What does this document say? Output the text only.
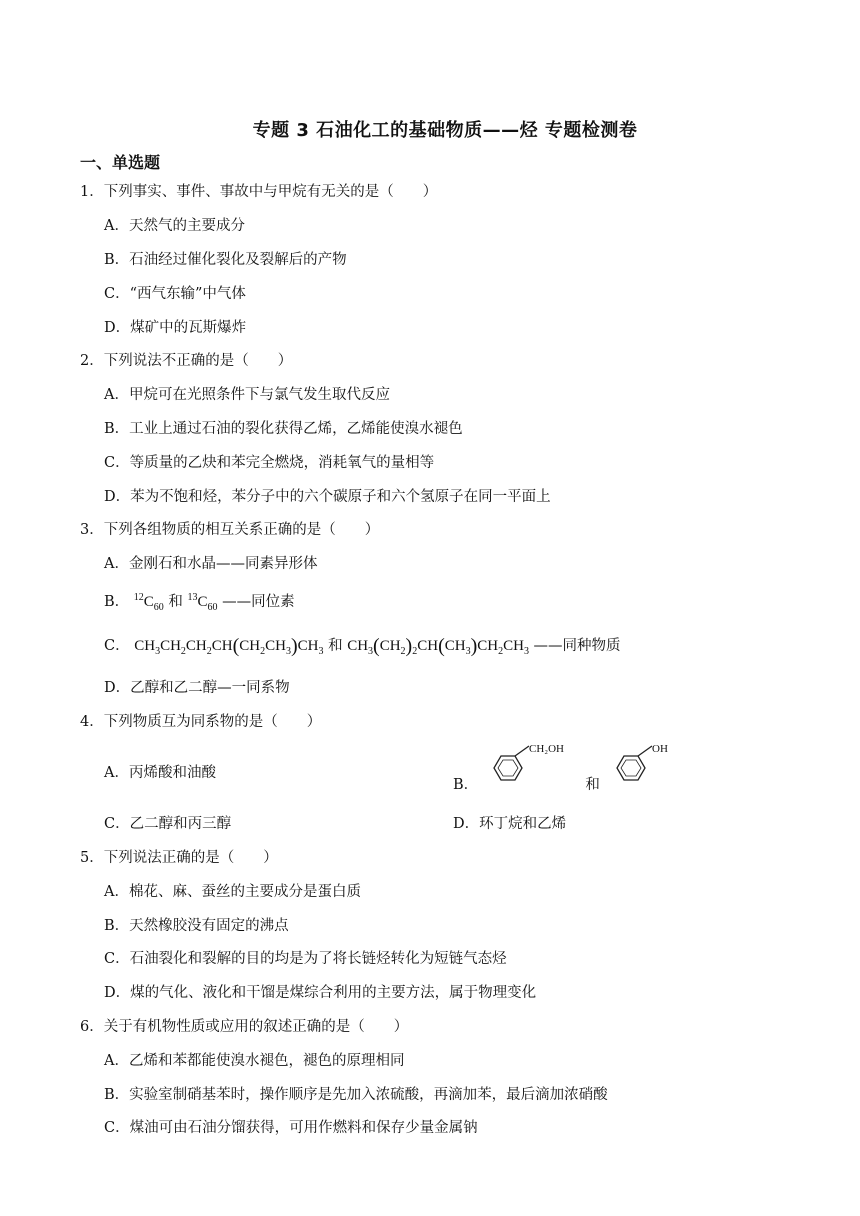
专题 3 石油化工的基础物质——烃 专题检测卷
一、单选题
1．下列事实、事件、事故中与甲烷有无关的是（　　）
A．天然气的主要成分
B．石油经过催化裂化及裂解后的产物
C．“西气东输”中气体
D．煤矿中的瓦斯爆炸
2．下列说法不正确的是（　　）
A．甲烷可在光照条件下与氯气发生取代反应
B．工业上通过石油的裂化获得乙烯，乙烯能使溴水褪色
C．等质量的乙炔和苯完全燃烧，消耗氧气的量相等
D．苯为不饱和烃，苯分子中的六个碳原子和六个氢原子在同一平面上
3．下列各组物质的相互关系正确的是（　　）
A．金刚石和水晶——同素异形体
B． $^{12}C_{60}$ 和 $^{13}C_{60}$ ——同位素
C． $CH_3CH_2CH_2CH(CH_2CH_3)CH_3$ 和 $CH_3(CH_2)_2CH(CH_3)CH_2CH_3$ ——同种物质
D．乙醇和乙二醇—一同系物
4．下列物质互为同系物的是（　　）
A．丙烯酸和油酸
B．
CH₂OH
和
OH
C．乙二醇和丙三醇	D．环丁烷和乙烯
5．下列说法正确的是（　　）
A．棉花、麻、蚕丝的主要成分是蛋白质
B．天然橡胶没有固定的沸点
C．石油裂化和裂解的目的均是为了将长链烃转化为短链气态烃
D．煤的气化、液化和干馏是煤综合利用的主要方法，属于物理变化
6．关于有机物性质或应用的叙述正确的是（　　）
A．乙烯和苯都能使溴水褪色，褪色的原理相同
B．实验室制硝基苯时，操作顺序是先加入浓硫酸，再滴加苯，最后滴加浓硝酸
C．煤油可由石油分馏获得，可用作燃料和保存少量金属钠
